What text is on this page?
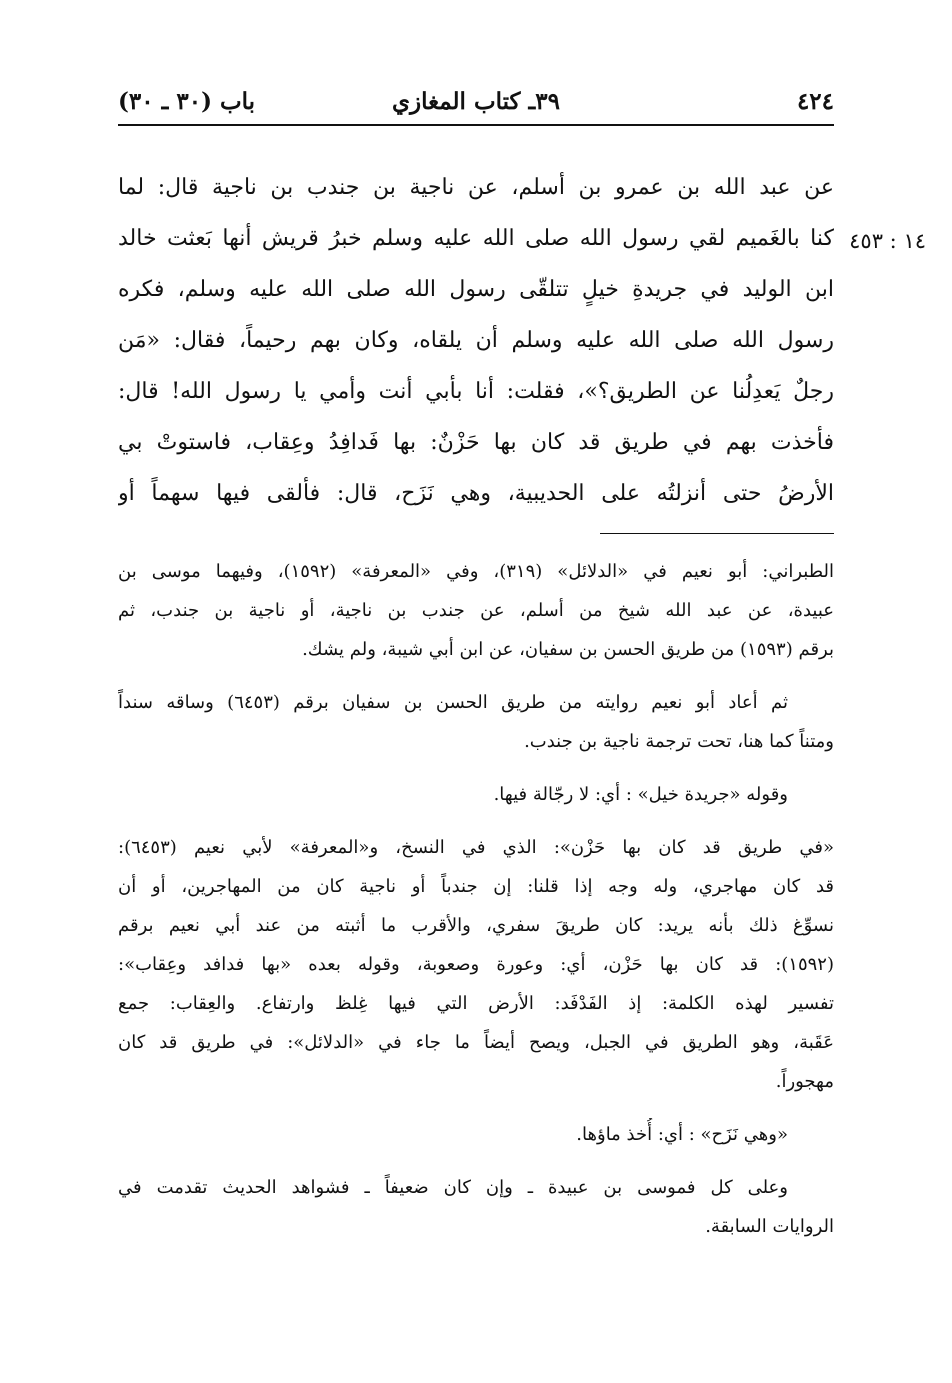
٤٢٤
٣٩ـ كتاب المغازي
باب (٣٠ ـ ٣٠)
١٤ : ٤٥٣
عن عبد الله بن عمرو بن أسلم، عن ناجية بن جندب بن ناجية قال: لما
كنا بالغَميم لقي رسول الله صلى الله عليه وسلم خبرُ قريش أنها بَعثت خالد
ابن الوليد في جريدةِ خيلٍ تتلقّى رسول الله صلى الله عليه وسلم، فكره
رسول الله صلى الله عليه وسلم أن يلقاه، وكان بهم رحيماً، فقال: «مَن
رجلٌ يَعدِلُنا عن الطريق؟»، فقلت: أنا بأبي أنت وأمي يا رسول الله! قال:
فأخذت بهم في طريق قد كان بها حَزْنٌ: بها فَدافِدُ وعِقاب، فاستوتْ بي
الأرضُ حتى أنزلتُه على الحديبية، وهي نَزَح، قال: فألقى فيها سهماً أو
الطبراني: أبو نعيم في «الدلائل» (٣١٩)، وفي «المعرفة» (١٥٩٢)، وفيهما موسى بن
عبيدة، عن عبد الله شيخ من أسلم، عن جندب بن ناجية، أو ناجية بن جندب، ثم
برقم (١٥٩٣) من طريق الحسن بن سفيان، عن ابن أبي شيبة، ولم يشك.
ثم أعاد أبو نعيم روايته من طريق الحسن بن سفيان برقم (٦٤٥٣) وساقه سنداً
ومتناً كما هنا، تحت ترجمة ناجية بن جندب.
وقوله «جريدة خيل» : أي: لا رجّالة فيها.
«في طريق قد كان بها حَزْن»: الذي في النسخ، و«المعرفة» لأبي نعيم (٦٤٥٣):
قد كان مهاجري، وله وجه إذا قلنا: إن جندباً أو ناجية كان من المهاجرين، أو أن
نسوِّغ ذلك بأنه يريد: كان طريقَ سفري، والأقرب ما أثبته من عند أبي نعيم برقم
(١٥٩٢): قد كان بها حَزْن، أي: وعورة وصعوبة، وقوله بعده «بها فدافد وعِقاب»:
تفسير لهذه الكلمة: إذ الفَدْفَد: الأرض التي فيها غِلظ وارتفاع. والعِقاب: جمع
عَقَبة، وهو الطريق في الجبل، ويصح أيضاً ما جاء في «الدلائل»: في طريق قد كان
مهجوراً.
«وهي نَزَح» : أي: أُخذ ماؤها.
وعلى كل فموسى بن عبيدة ـ وإن كان ضعيفاً ـ فشواهد الحديث تقدمت في
الروايات السابقة.
